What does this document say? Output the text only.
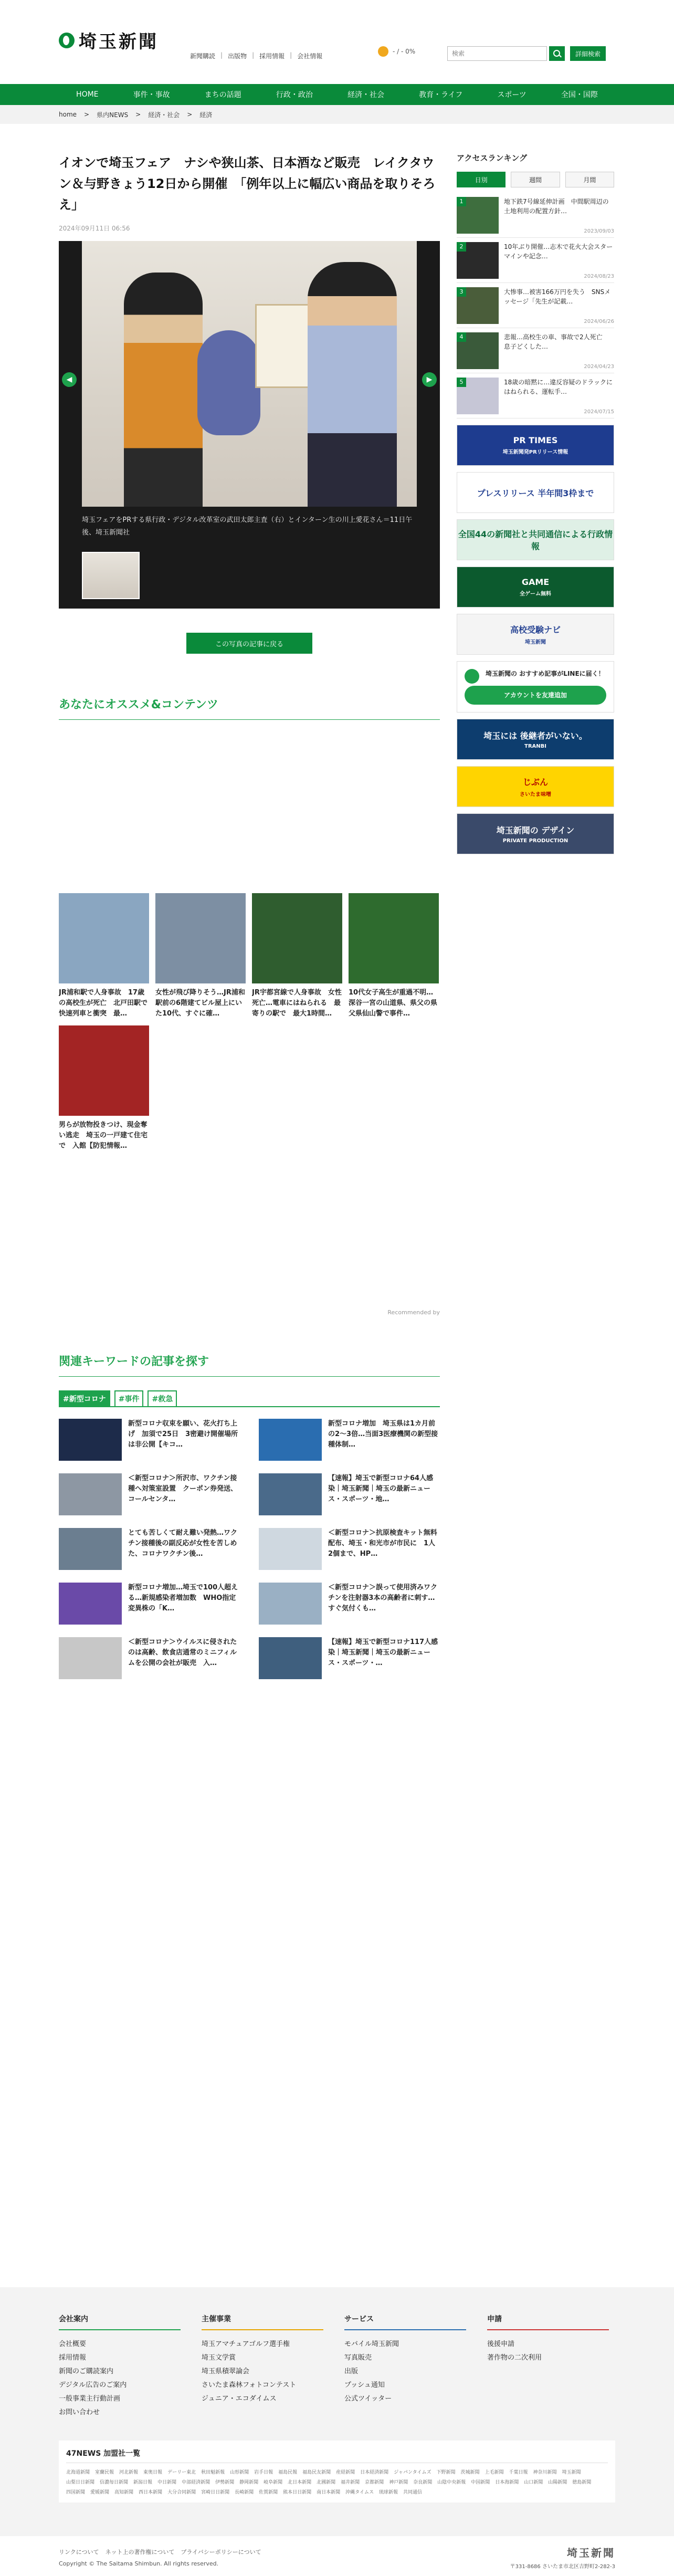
埼玉新聞
新聞購読 | 出版物 | 採用情報 | 会社情報
- / - 0%
検索	詳細検索
HOME	事件・事故	まちの話題	行政・政治	経済・社会	教育・ライフ	スポーツ	全国・国際
home > 県内NEWS > 経済・社会 > 経済
イオンで埼玉フェア　ナシや狭山茶、日本酒など販売　レイクタウン＆与野きょう12日から開催　「例年以上に幅広い商品を取りそろえ」
2024年09月11日 06:56
◀	▶
埼玉フェアをPRする県行政・デジタル改革室の武田太郎主査（右）とインターン生の川上愛花さん＝11日午後、埼玉新聞社
この写真の記事に戻る
あなたにオススメ&コンテンツ
JR浦和駅で人身事故　17歳の高校生が死亡　北戸田駅で快速列車と衝突　最…
女性が飛び降りそう…JR浦和駅前の6階建てビル屋上にいた10代、すぐに確…
JR宇都宮線で人身事故　女性死亡…電車にはねられる　最寄りの駅で　最大1時間…
10代女子高生が重過不明…深谷一宮の山道県、県父の県父県仙山警で事件…
男らが放物投きつけ、現金奪い逃走　埼玉の一戸建て住宅で　入館【防犯情報…
Recommended by
関連キーワードの記事を探す
#新型コロナ	#事件	#救急
新型コロナ収束を願い、花火打ち上げ　加須で25日　3密避け開催場所は非公開【キコ…
新型コロナ増加　埼玉県は1カ月前の2〜3倍…当面3医療機関の新型接種体制…
＜新型コロナ＞所沢市、ワクチン接種へ対策室設置　クーポン券発送、コールセンタ…
【速報】埼玉で新型コロナ64人感染｜埼玉新聞｜埼玉の最新ニュース・スポーツ・地…
とても苦しくて耐え難い発熱…ワクチン接種後の副反応が女性を苦しめた、コロナワクチン後…
＜新型コロナ＞抗原検査キット無料配布、埼玉・和光市が市民に　1人2個まで、HP…
新型コロナ増加…埼玉で100人超える…新規感染者増加数　WHO指定変異株の「K…
＜新型コロナ＞誤って使用済みワクチンを注射器3本の高齢者に刺す…すぐ気付くも…
＜新型コロナ＞ウイルスに侵されたのは高齢、飲食店通常のミニフィルムを公開の会社が販売　入…
【速報】埼玉で新型コロナ117人感染｜埼玉新聞｜埼玉の最新ニュース・スポーツ・…
アクセスランキング
日別	週間	月間
1	地下鉄7号線延伸計画　中間駅周辺の土地利用の配置方針…
2023/09/03
2	10年ぶり開催…志木で花火大会スターマインや記念…
2024/08/23
3	大惨事…被害166万円を失う　SNSメッセージ「先生が記載…
2024/06/26
4	悲報…高校生の車、事故で2人死亡　息子どくした…
2024/04/23
5	18歳の暗黙に…違反容疑のドラックにはねられる、運転手…
2024/07/15
PR TIMES
埼玉新聞発PRリリース情報
プレスリリース 半年間3枠まで
全国44の新聞社と共同通信による行政情報
GAME
全ゲーム無料
高校受験ナビ
埼玉新聞
埼玉新聞の おすすめ記事がLINEに届く！
アカウントを友達追加
埼玉には 後継者がいない。
TRANBI
じぶん
さいたま味噌
埼玉新聞の デザイン
PRIVATE PRODUCTION
会社案内
会社概要
採用情報
新聞のご購読案内
デジタル広告のご案内
一般事業主行動計画
お問い合わせ
主催事業
埼玉アマチュアゴルフ選手権
埼玉文学賞
埼玉県積翠論会
さいたま森林フォトコンテスト
ジュニア・エコダイムス
サービス
モバイル埼玉新聞
写真販売
出版
プッシュ通知
公式ツイッター
申請
後援申請
著作物の二次利用
47NEWS 加盟社一覧
北海道新聞 室蘭民報 河北新報 東奥日報 デーリー東北 秋田魁新報 山形新聞 岩手日報 福島民報 福島民友新聞 産経新聞 日本経済新聞 ジャパンタイムズ 下野新聞 茨城新聞 上毛新聞 千葉日報 神奈川新聞 埼玉新聞
山梨日日新聞 信濃毎日新聞 新潟日報 中日新聞 中部経済新聞 伊勢新聞 静岡新聞 岐阜新聞 北日本新聞 北國新聞 福井新聞 京都新聞 神戸新聞 奈良新聞 山陰中央新報 中国新聞 日本海新聞 山口新聞 山陽新聞 徳島新聞
四国新聞 愛媛新聞 高知新聞 西日本新聞 大分合同新聞 宮崎日日新聞 長崎新聞 佐賀新聞 熊本日日新聞 南日本新聞 沖縄タイムス 琉球新報 共同通信
リンクについて ネット上の著作権について プライバシーポリシーについて
Copyright © The Saitama Shimbun. All rights reserved.
埼玉新聞
〒331-8686 さいたま市北区吉野町2-282-3
